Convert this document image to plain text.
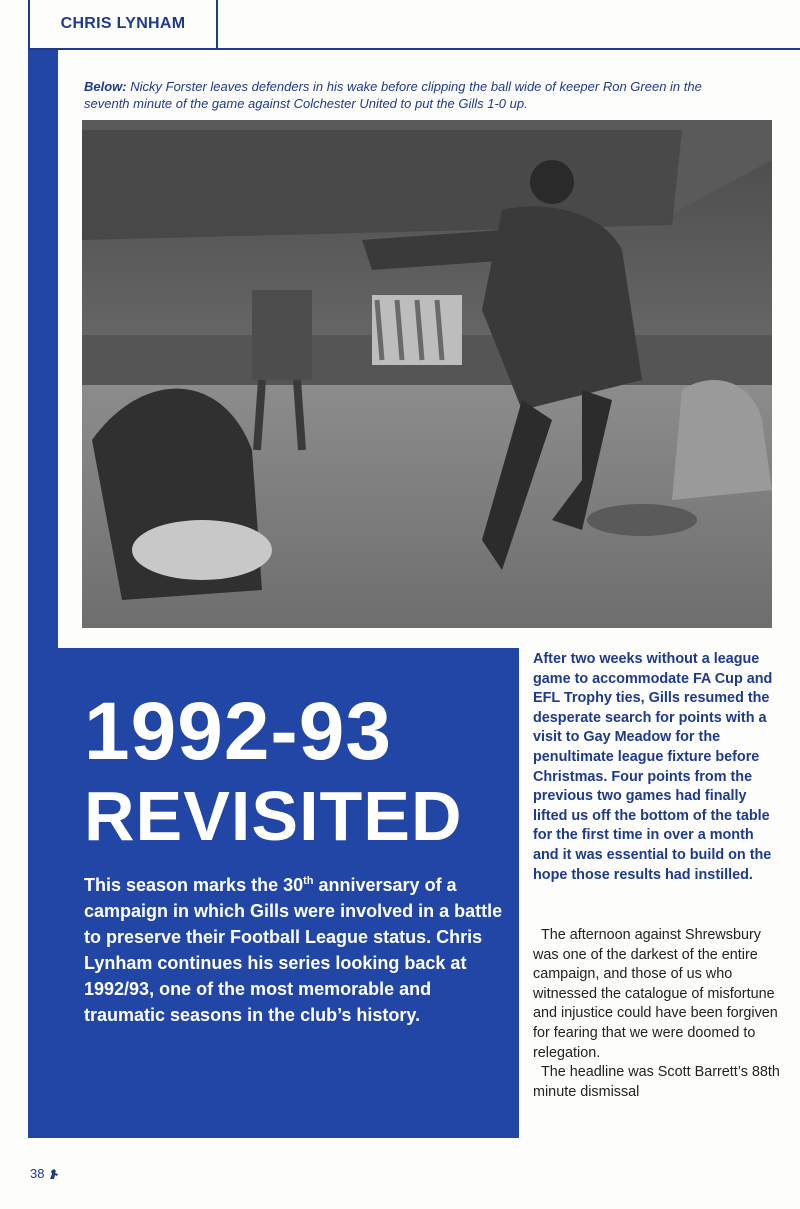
CHRIS LYNHAM
Below: Nicky Forster leaves defenders in his wake before clipping the ball wide of keeper Ron Green in the seventh minute of the game against Colchester United to put the Gills 1-0 up.
1992-93
REVISITED
This season marks the 30th anniversary of a campaign in which Gills were involved in a battle to preserve their Football League status. Chris Lynham continues his series looking back at 1992/93, one of the most memorable and traumatic seasons in the club’s history.
After two weeks without a league game to accommodate FA Cup and EFL Trophy ties, Gills resumed the desperate search for points with a visit to Gay Meadow for the penultimate league fixture before Christmas. Four points from the previous two games had finally lifted us off the bottom of the table for the first time in over a month and it was essential to build on the hope those results had instilled.

The afternoon against Shrewsbury was one of the darkest of the entire campaign, and those of us who witnessed the catalogue of misfortune and injustice could have been forgiven for fearing that we were doomed to relegation.

The headline was Scott Barrett’s 88th minute dismissal

38
